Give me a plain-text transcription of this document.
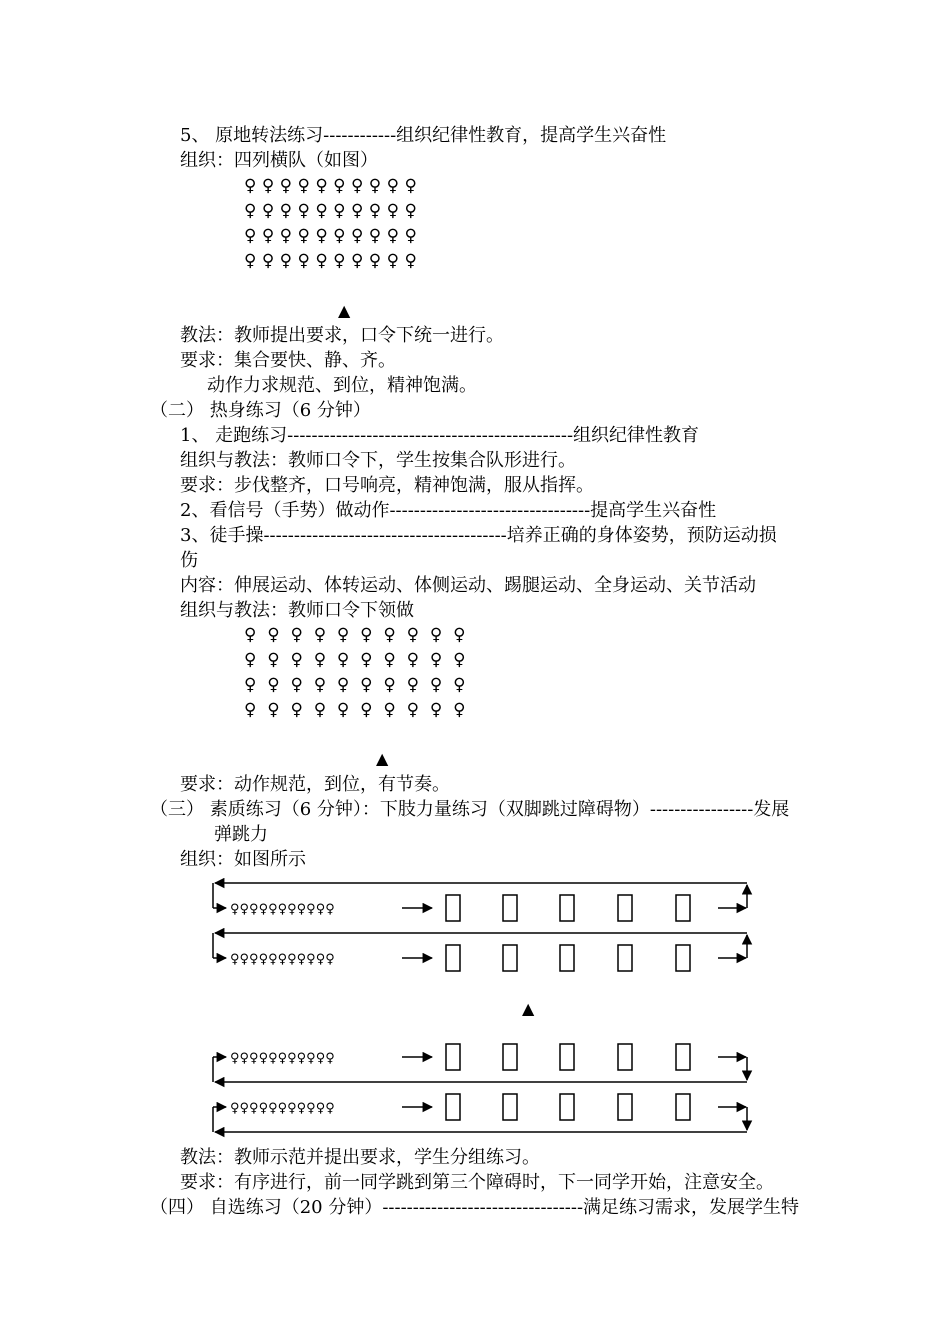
5、 原地转法练习------------组织纪律性教育，提高学生兴奋性
组织：四列横队（如图）
♀ ♀ ♀ ♀ ♀ ♀ ♀ ♀ ♀ ♀
♀ ♀ ♀ ♀ ♀ ♀ ♀ ♀ ♀ ♀
♀ ♀ ♀ ♀ ♀ ♀ ♀ ♀ ♀ ♀
♀ ♀ ♀ ♀ ♀ ♀ ♀ ♀ ♀ ♀
▲
教法：教师提出要求，口令下统一进行。
要求：集合要快、静、齐。
动作力求规范、到位，精神饱满。
（二） 热身练习（6 分钟）
1、 走跑练习-----------------------------------------------组织纪律性教育
组织与教法：教师口令下，学生按集合队形进行。
要求：步伐整齐，口号响亮，精神饱满，服从指挥。
2、看信号（手势）做动作---------------------------------提高学生兴奋性
3、徒手操----------------------------------------培养正确的身体姿势，预防运动损
伤
内容：伸展运动、体转运动、体侧运动、踢腿运动、全身运动、关节活动
组织与教法：教师口令下领做
♀  ♀  ♀  ♀  ♀  ♀  ♀  ♀  ♀  ♀
♀  ♀  ♀  ♀  ♀  ♀  ♀  ♀  ♀  ♀
♀  ♀  ♀  ♀  ♀  ♀  ♀  ♀  ♀  ♀
♀  ♀  ♀  ♀  ♀  ♀  ♀  ♀  ♀  ♀
▲
要求：动作规范，到位，有节奏。
（三） 素质练习（6 分钟）：下肢力量练习（双脚跳过障碍物）-----------------发展
弹跳力
组织：如图所示
♀♀♀♀♀♀♀♀♀♀♀
♀♀♀♀♀♀♀♀♀♀♀
♀♀♀♀♀♀♀♀♀♀♀
♀♀♀♀♀♀♀♀♀♀♀
▲
教法：教师示范并提出要求，学生分组练习。
要求：有序进行，前一同学跳到第三个障碍时，下一同学开始，注意安全。
（四） 自选练习（20 分钟）---------------------------------满足练习需求，发展学生特
